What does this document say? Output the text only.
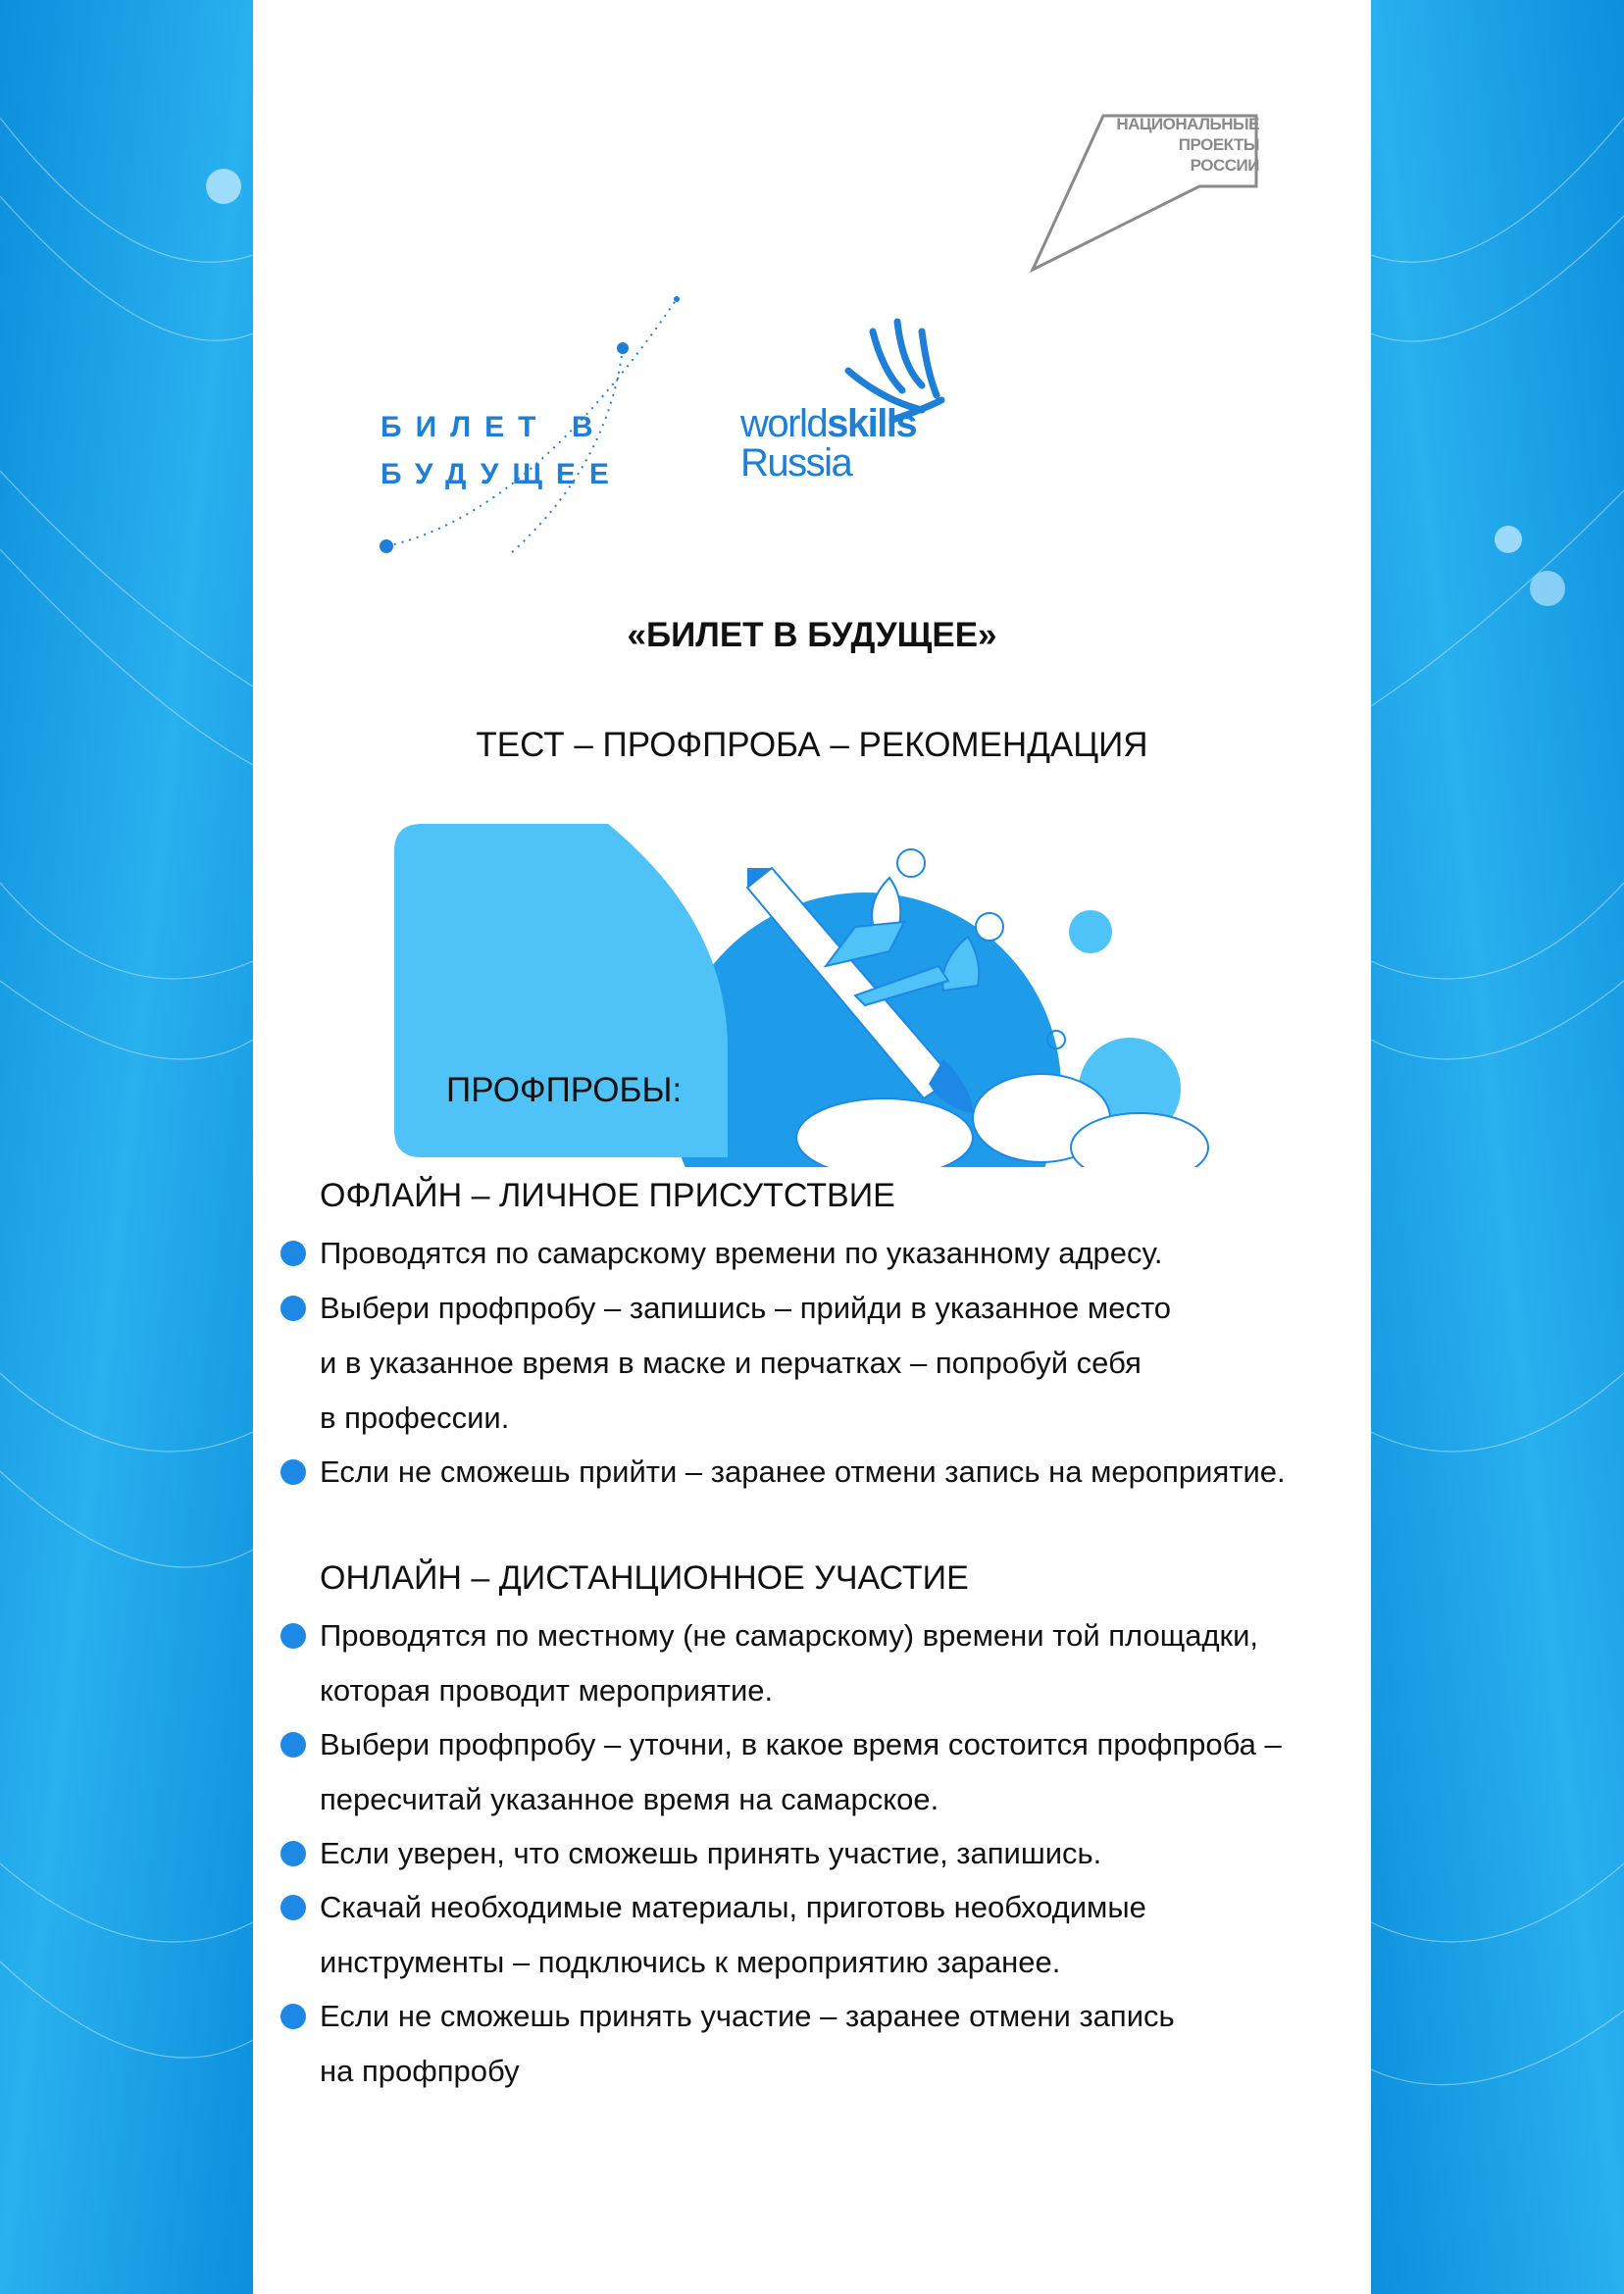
НАЦИОНАЛЬНЫЕ
ПРОЕКТЫ
РОССИИ
БИЛЕТ В
БУДУЩЕЕ
worldskills
Russia
«БИЛЕТ В БУДУЩЕЕ»
ТЕСТ – ПРОФПРОБА – РЕКОМЕНДАЦИЯ
ПРОФПРОБЫ:
ОФЛАЙН – ЛИЧНОЕ ПРИСУТСТВИЕ
Проводятся по самарскому времени по указанному адресу.
Выбери профпробу – запишись – прийди в указанное место
и в указанное время в маске и перчатках – попробуй себя
в профессии.
Если не сможешь прийти – заранее отмени запись на мероприятие.
ОНЛАЙН – ДИСТАНЦИОННОЕ УЧАСТИЕ
Проводятся по местному (не самарскому) времени той площадки,
которая проводит мероприятие.
Выбери профпробу – уточни, в какое время состоится профпроба –
пересчитай указанное время на самарское.
Если уверен, что сможешь принять участие, запишись.
Скачай необходимые материалы, приготовь необходимые
инструменты – подключись к мероприятию заранее.
Если не сможешь принять участие – заранее отмени запись
на профпробу
